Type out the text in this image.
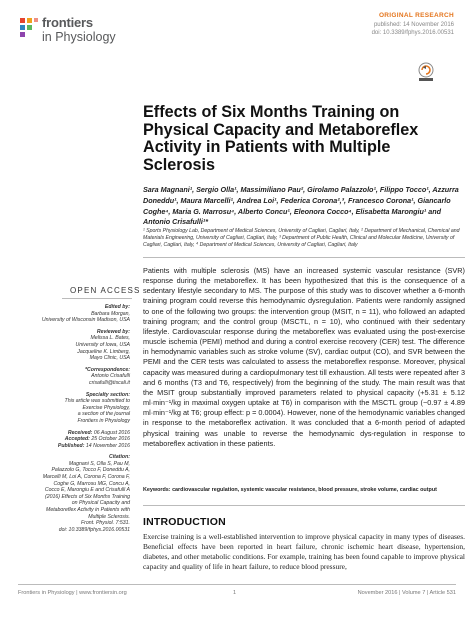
frontiers
in Physiology
ORIGINAL RESEARCH
published: 14 November 2016
doi: 10.3389/fphys.2016.00531
Effects of Six Months Training on Physical Capacity and Metaboreflex Activity in Patients with Multiple Sclerosis
Sara Magnani¹, Sergio Olla¹, Massimiliano Pau², Girolamo Palazzolo¹, Filippo Tocco¹, Azzurra Doneddu¹, Maura Marcelli¹, Andrea Loi¹, Federica Corona²,³, Francesco Corona¹, Giancarlo Coghe⁴, Maria G. Marrosu⁴, Alberto Concu¹, Eleonora Cocco⁴, Elisabetta Marongiu¹ and Antonio Crisafulli¹*
¹ Sports Physiology Lab, Department of Medical Sciences, University of Cagliari, Cagliari, Italy, ² Department of Mechanical, Chemical and Materials Engineering, University of Cagliari, Cagliari, Italy, ³ Department of Public Health, Clinical and Molecular Medicine, University of Cagliari, Cagliari, Italy, ⁴ Department of Medical Sciences, University of Cagliari, Cagliari, Italy
OPEN ACCESS
Edited by:
Barbara Morgan,
University of Wisconsin Madison, USA
Reviewed by:
Melissa L. Bates,
University of Iowa, USA
Jacqueline K. Limberg,
Mayo Clinic, USA
*Correspondence:
Antonio Crisafulli
crisafulli@tiscali.it
Specialty section:
This article was submitted to
Exercise Physiology,
a section of the journal
Frontiers in Physiology
Received: 06 August 2016
Accepted: 25 October 2016
Published: 14 November 2016
Citation:
Magnani S, Olla S, Pau M,
Palazzolo G, Tocco F, Doneddu A,
Marcelli M, Loi A, Corona F, Corona F,
Coghe G, Marrosu MG, Concu A,
Cocco E, Marongiu E and Crisafulli A
(2016) Effects of Six Months Training
on Physical Capacity and
Metaboreflex Activity in Patients with
Multiple Sclerosis.
Front. Physiol. 7:531.
doi: 10.3389/fphys.2016.00531
Patients with multiple sclerosis (MS) have an increased systemic vascular resistance (SVR) response during the metaboreflex. It has been hypothesized that this is the consequence of a sedentary lifestyle secondary to MS. The purpose of this study was to discover whether a 6-month training program could reverse this hemodynamic dysregulation. Patients were randomly assigned to one of the following two groups: the intervention group (MSIT, n = 11), who followed an adapted training program; and the control group (MSCTL, n = 10), who continued with their sedentary lifestyle. Cardiovascular response during the metaboreflex was evaluated using the post-exercise muscle ischemia (PEMI) method and during a control exercise recovery (CER) test. The difference in hemodynamic variables such as stroke volume (SV), cardiac output (CO), and SVR between the PEMI and the CER tests was calculated to assess the metaboreflex response. Moreover, physical capacity was measured during a cardiopulmonary test till exhaustion. All tests were repeated after 3 and 6 months (T3 and T6, respectively) from the beginning of the study. The main result was that the MSIT group substantially improved parameters related to physical capacity (+5.31 ± 5.12 ml·min⁻¹/kg in maximal oxygen uptake at T6) in comparison with the MSCTL group (−0.97 ± 4.89 ml·min⁻¹/kg at T6; group effect: p = 0.0004). However, none of the hemodynamic variables changed in response to the metaboreflex activation. It was concluded that a 6-month period of adapted physical training was unable to reverse the hemodynamic dys-regulation in response to metaboreflex activation in these patients.
Keywords: cardiovascular regulation, systemic vascular resistance, blood pressure, stroke volume, cardiac output
INTRODUCTION
Exercise training is a well-established intervention to improve physical capacity in many types of diseases. Beneficial effects have been reported in heart failure, chronic ischemic heart disease, hypertension, diabetes, and other metabolic conditions. For example, training has been found capable to improve physical capacity and quality of life in heart failure, to reduce blood pressure,
Frontiers in Physiology | www.frontiersin.org	1	November 2016 | Volume 7 | Article 531
